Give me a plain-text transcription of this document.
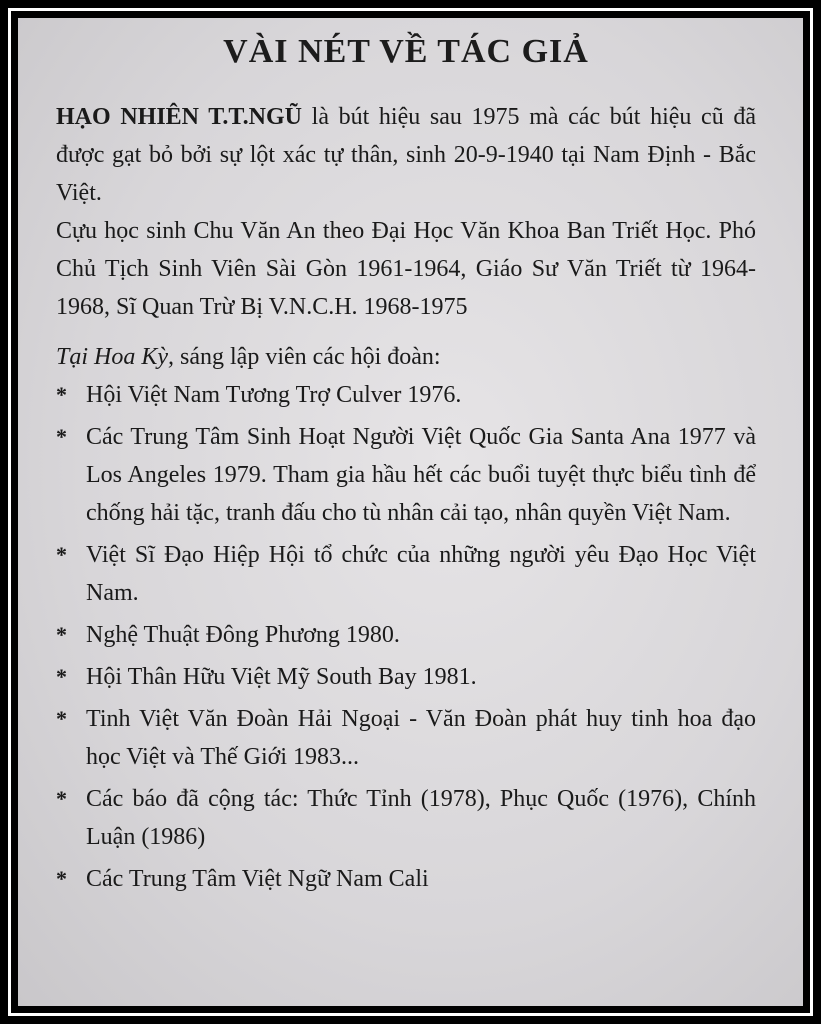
VÀI NÉT VỀ TÁC GIẢ

HẠO NHIÊN T.T.NGŨ là bút hiệu sau 1975 mà các bút hiệu cũ đã được gạt bỏ bởi sự lột xác tự thân, sinh 20-9-1940 tại Nam Định - Bắc Việt.

Cựu học sinh Chu Văn An theo Đại Học Văn Khoa Ban Triết Học. Phó Chủ Tịch Sinh Viên Sài Gòn 1961-1964, Giáo Sư Văn Triết từ 1964-1968, Sĩ Quan Trừ Bị V.N.C.H. 1968-1975

Tại Hoa Kỳ, sáng lập viên các hội đoàn:

* Hội Việt Nam Tương Trợ Culver 1976.
* Các Trung Tâm Sinh Hoạt Người Việt Quốc Gia Santa Ana 1977 và Los Angeles 1979. Tham gia hầu hết các buổi tuyệt thực biểu tình để chống hải tặc, tranh đấu cho tù nhân cải tạo, nhân quyền Việt Nam.
* Việt Sĩ Đạo Hiệp Hội tổ chức của những người yêu Đạo Học Việt Nam.
* Nghệ Thuật Đông Phương 1980.
* Hội Thân Hữu Việt Mỹ South Bay 1981.
* Tinh Việt Văn Đoàn Hải Ngoại - Văn Đoàn phát huy tinh hoa đạo học Việt và Thế Giới 1983...
* Các báo đã cộng tác: Thức Tỉnh (1978), Phục Quốc (1976), Chính Luận (1986)
* Các Trung Tâm Việt Ngữ Nam Cali
